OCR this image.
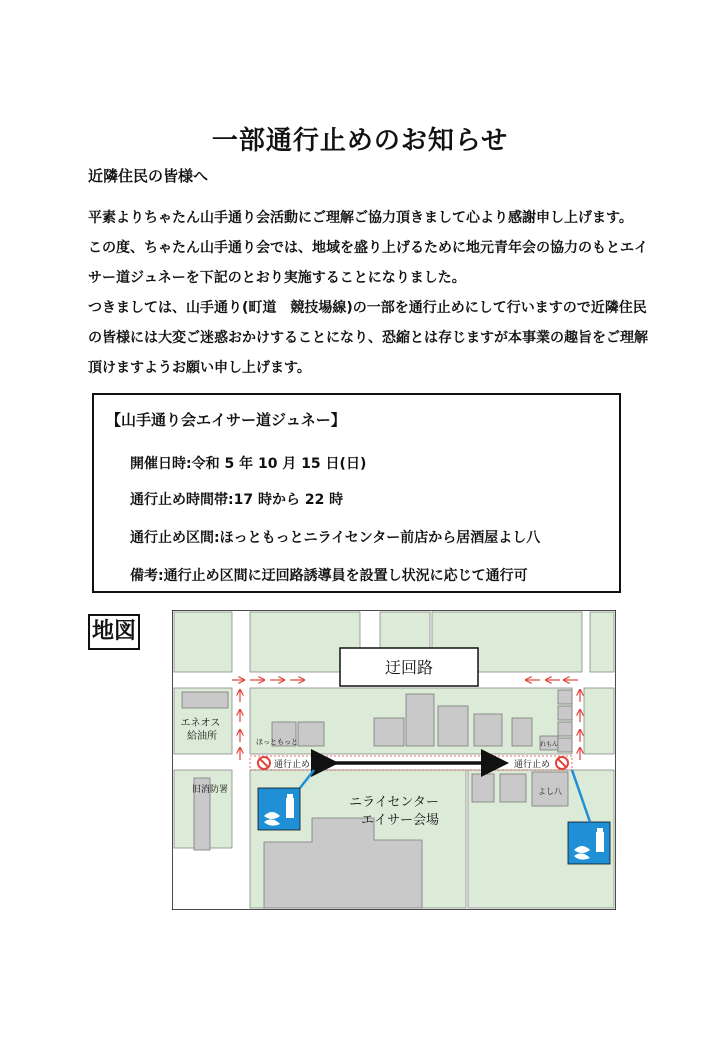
一部通行止めのお知らせ
近隣住民の皆様へ
平素よりちゃたん山手通り会活動にご理解ご協力頂きまして心より感謝申し上げます。
この度、ちゃたん山手通り会では、地域を盛り上げるために地元青年会の協力のもとエイサー道ジュネーを下記のとおり実施することになりました。
つきましては、山手通り(町道　競技場線)の一部を通行止めにして行いますので近隣住民の皆様には大変ご迷惑おかけすることになり、恐縮とは存じますが本事業の趣旨をご理解頂けますようお願い申し上げます。
【山手通り会エイサー道ジュネー】
開催日時:令和 5 年 10 月 15 日(日)
通行止め時間帯:17 時から 22 時
通行止め区間:ほっともっとニライセンター前店から居酒屋よし八
備考:通行止め区間に迂回路誘導員を設置し状況に応じて通行可
地図
迂回路
通行止め	通行止め
エネオス 給油所	ほっともっと
旧消防署
ニライセンター
エイサー会場
よし八
れもん
